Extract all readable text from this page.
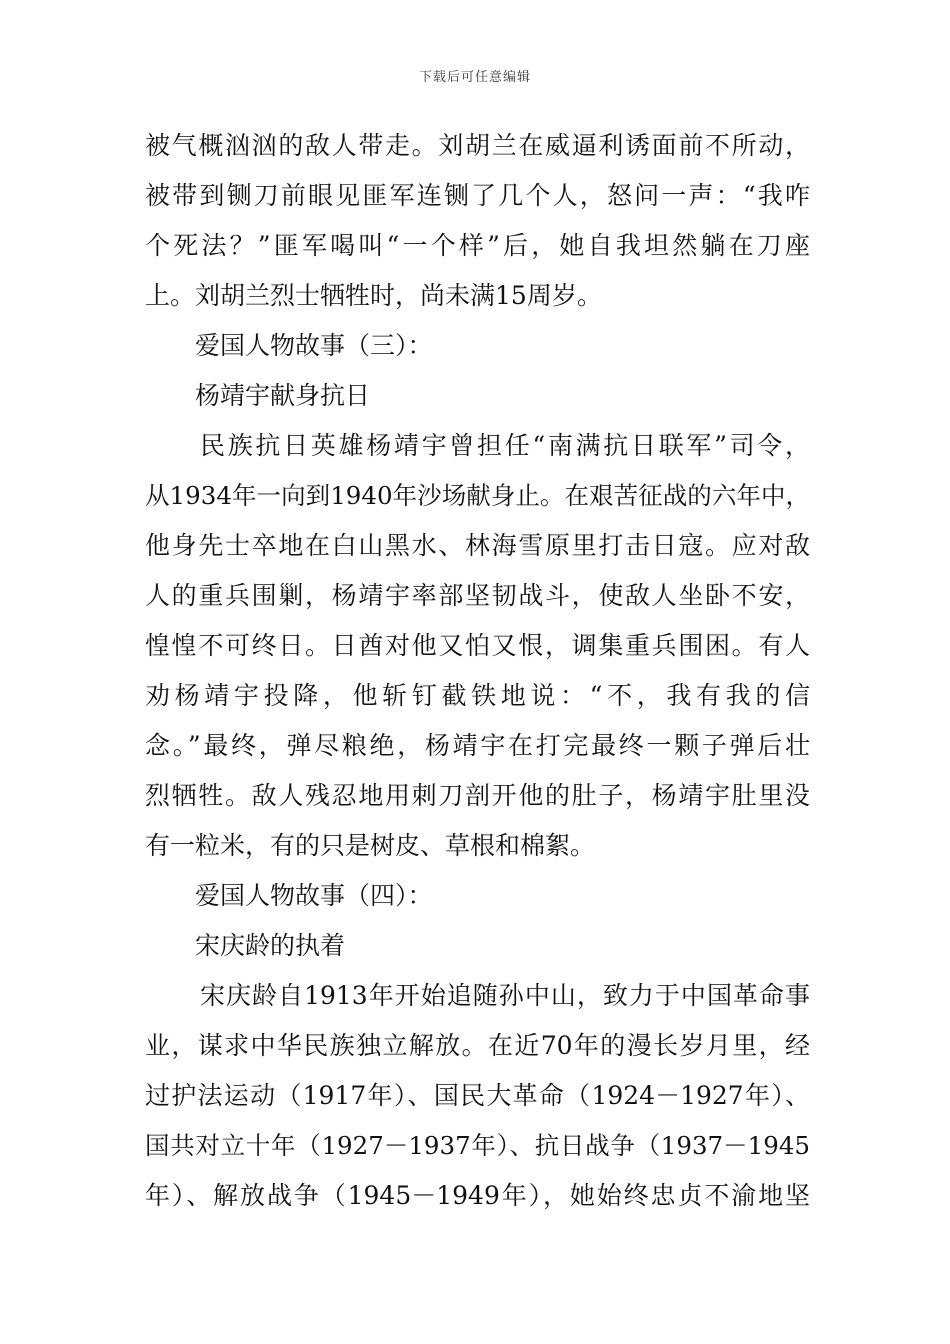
下载后可任意编辑
被气概汹汹的敌人带走。刘胡兰在威逼利诱面前不所动，
被带到铡刀前眼见匪军连铡了几个人，怒问一声：“我咋
个死法？”匪军喝叫“一个样”后，她自我坦然躺在刀座
上。刘胡兰烈士牺牲时，尚未满15周岁。
爱国人物故事（三）：
杨靖宇献身抗日
民族抗日英雄杨靖宇曾担任“南满抗日联军”司令，
从1934年一向到1940年沙场献身止。在艰苦征战的六年中，
他身先士卒地在白山黑水、林海雪原里打击日寇。应对敌
人的重兵围剿，杨靖宇率部坚韧战斗，使敌人坐卧不安，
惶惶不可终日。日酋对他又怕又恨，调集重兵围困。有人
劝杨靖宇投降，他斩钉截铁地说：“不，我有我的信
念。”最终，弹尽粮绝，杨靖宇在打完最终一颗子弹后壮
烈牺牲。敌人残忍地用刺刀剖开他的肚子，杨靖宇肚里没
有一粒米，有的只是树皮、草根和棉絮。
爱国人物故事（四）：
宋庆龄的执着
宋庆龄自1913年开始追随孙中山，致力于中国革命事
业，谋求中华民族独立解放。在近70年的漫长岁月里，经
过护法运动（1917年）、国民大革命（1924－1927年）、
国共对立十年（1927－1937年）、抗日战争（1937－1945
年）、解放战争（1945－1949年），她始终忠贞不渝地坚
